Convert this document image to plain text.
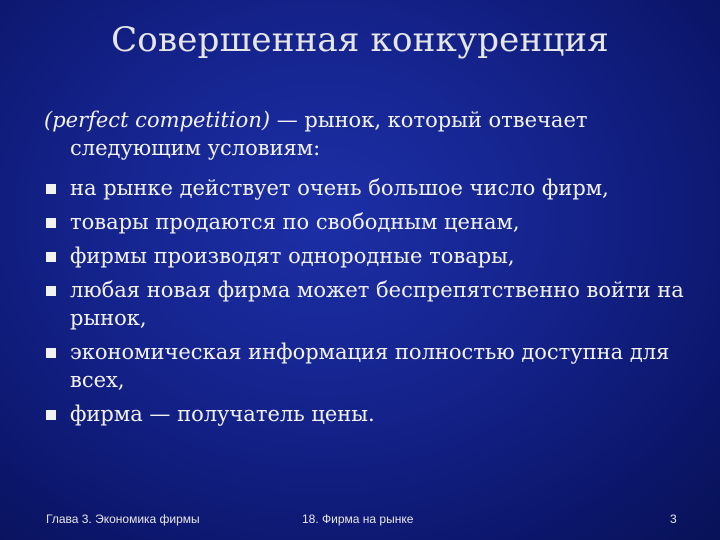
Совершенная конкуренция
(perfect competition) — рынок, который отвечает
следующим условиям:
на рынке действует очень большое число фирм,
товары продаются по свободным ценам,
фирмы производят однородные товары,
любая новая фирма может беспрепятственно войти на рынок,
экономическая информация полностью доступна для всех,
фирма — получатель цены.
Глава 3. Экономика фирмы	18. Фирма на рынке	3
